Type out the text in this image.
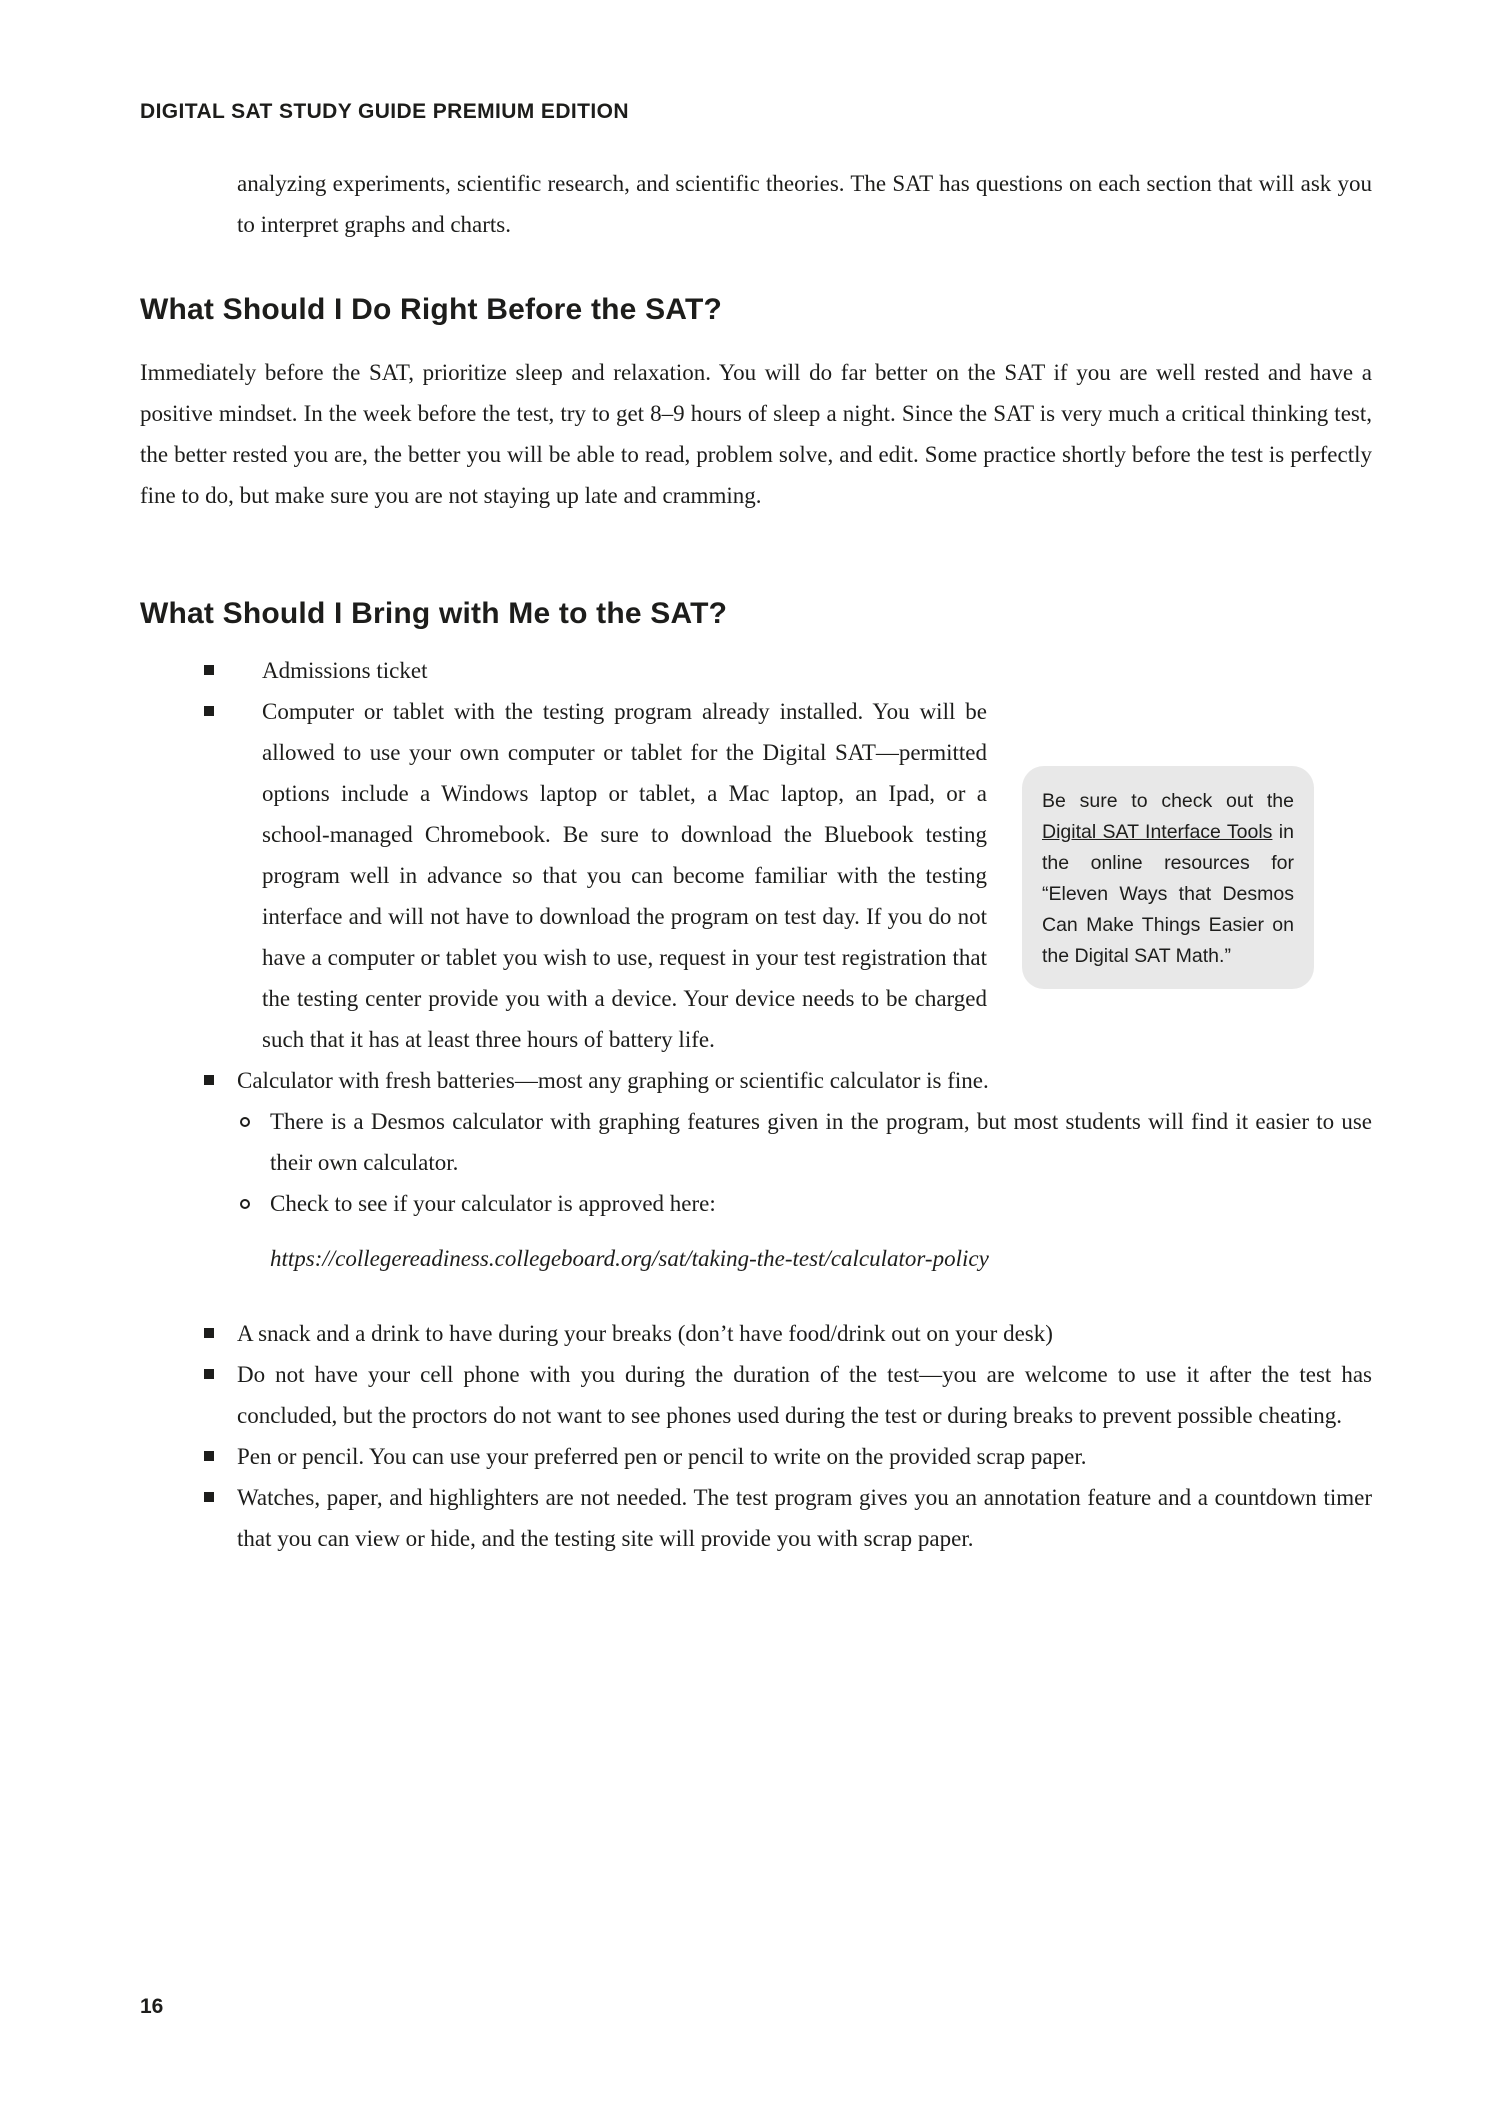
DIGITAL SAT STUDY GUIDE PREMIUM EDITION
analyzing experiments, scientific research, and scientific theories. The SAT has questions on each section that will ask you to interpret graphs and charts.
What Should I Do Right Before the SAT?
Immediately before the SAT, prioritize sleep and relaxation. You will do far better on the SAT if you are well rested and have a positive mindset. In the week before the test, try to get 8–9 hours of sleep a night. Since the SAT is very much a critical thinking test, the better rested you are, the better you will be able to read, problem solve, and edit. Some practice shortly before the test is perfectly fine to do, but make sure you are not staying up late and cramming.
What Should I Bring with Me to the SAT?
Admissions ticket
Computer or tablet with the testing program already installed. You will be allowed to use your own computer or tablet for the Digital SAT—permitted options include a Windows laptop or tablet, a Mac laptop, an Ipad, or a school-managed Chromebook. Be sure to download the Bluebook testing program well in advance so that you can become familiar with the testing interface and will not have to download the program on test day. If you do not have a computer or tablet you wish to use, request in your test registration that the testing center provide you with a device. Your device needs to be charged such that it has at least three hours of battery life.
Calculator with fresh batteries—most any graphing or scientific calculator is fine.
There is a Desmos calculator with graphing features given in the program, but most students will find it easier to use their own calculator.
Check to see if your calculator is approved here:
https://collegereadiness.collegeboard.org/sat/taking-the-test/calculator-policy
A snack and a drink to have during your breaks (don’t have food/drink out on your desk)
Do not have your cell phone with you during the duration of the test—you are welcome to use it after the test has concluded, but the proctors do not want to see phones used during the test or during breaks to prevent possible cheating.
Pen or pencil. You can use your preferred pen or pencil to write on the provided scrap paper.
Watches, paper, and highlighters are not needed. The test program gives you an annotation feature and a countdown timer that you can view or hide, and the testing site will provide you with scrap paper.
Be sure to check out the Digital SAT Interface Tools in the online resources for “Eleven Ways that Desmos Can Make Things Easier on the Digital SAT Math.”
16
